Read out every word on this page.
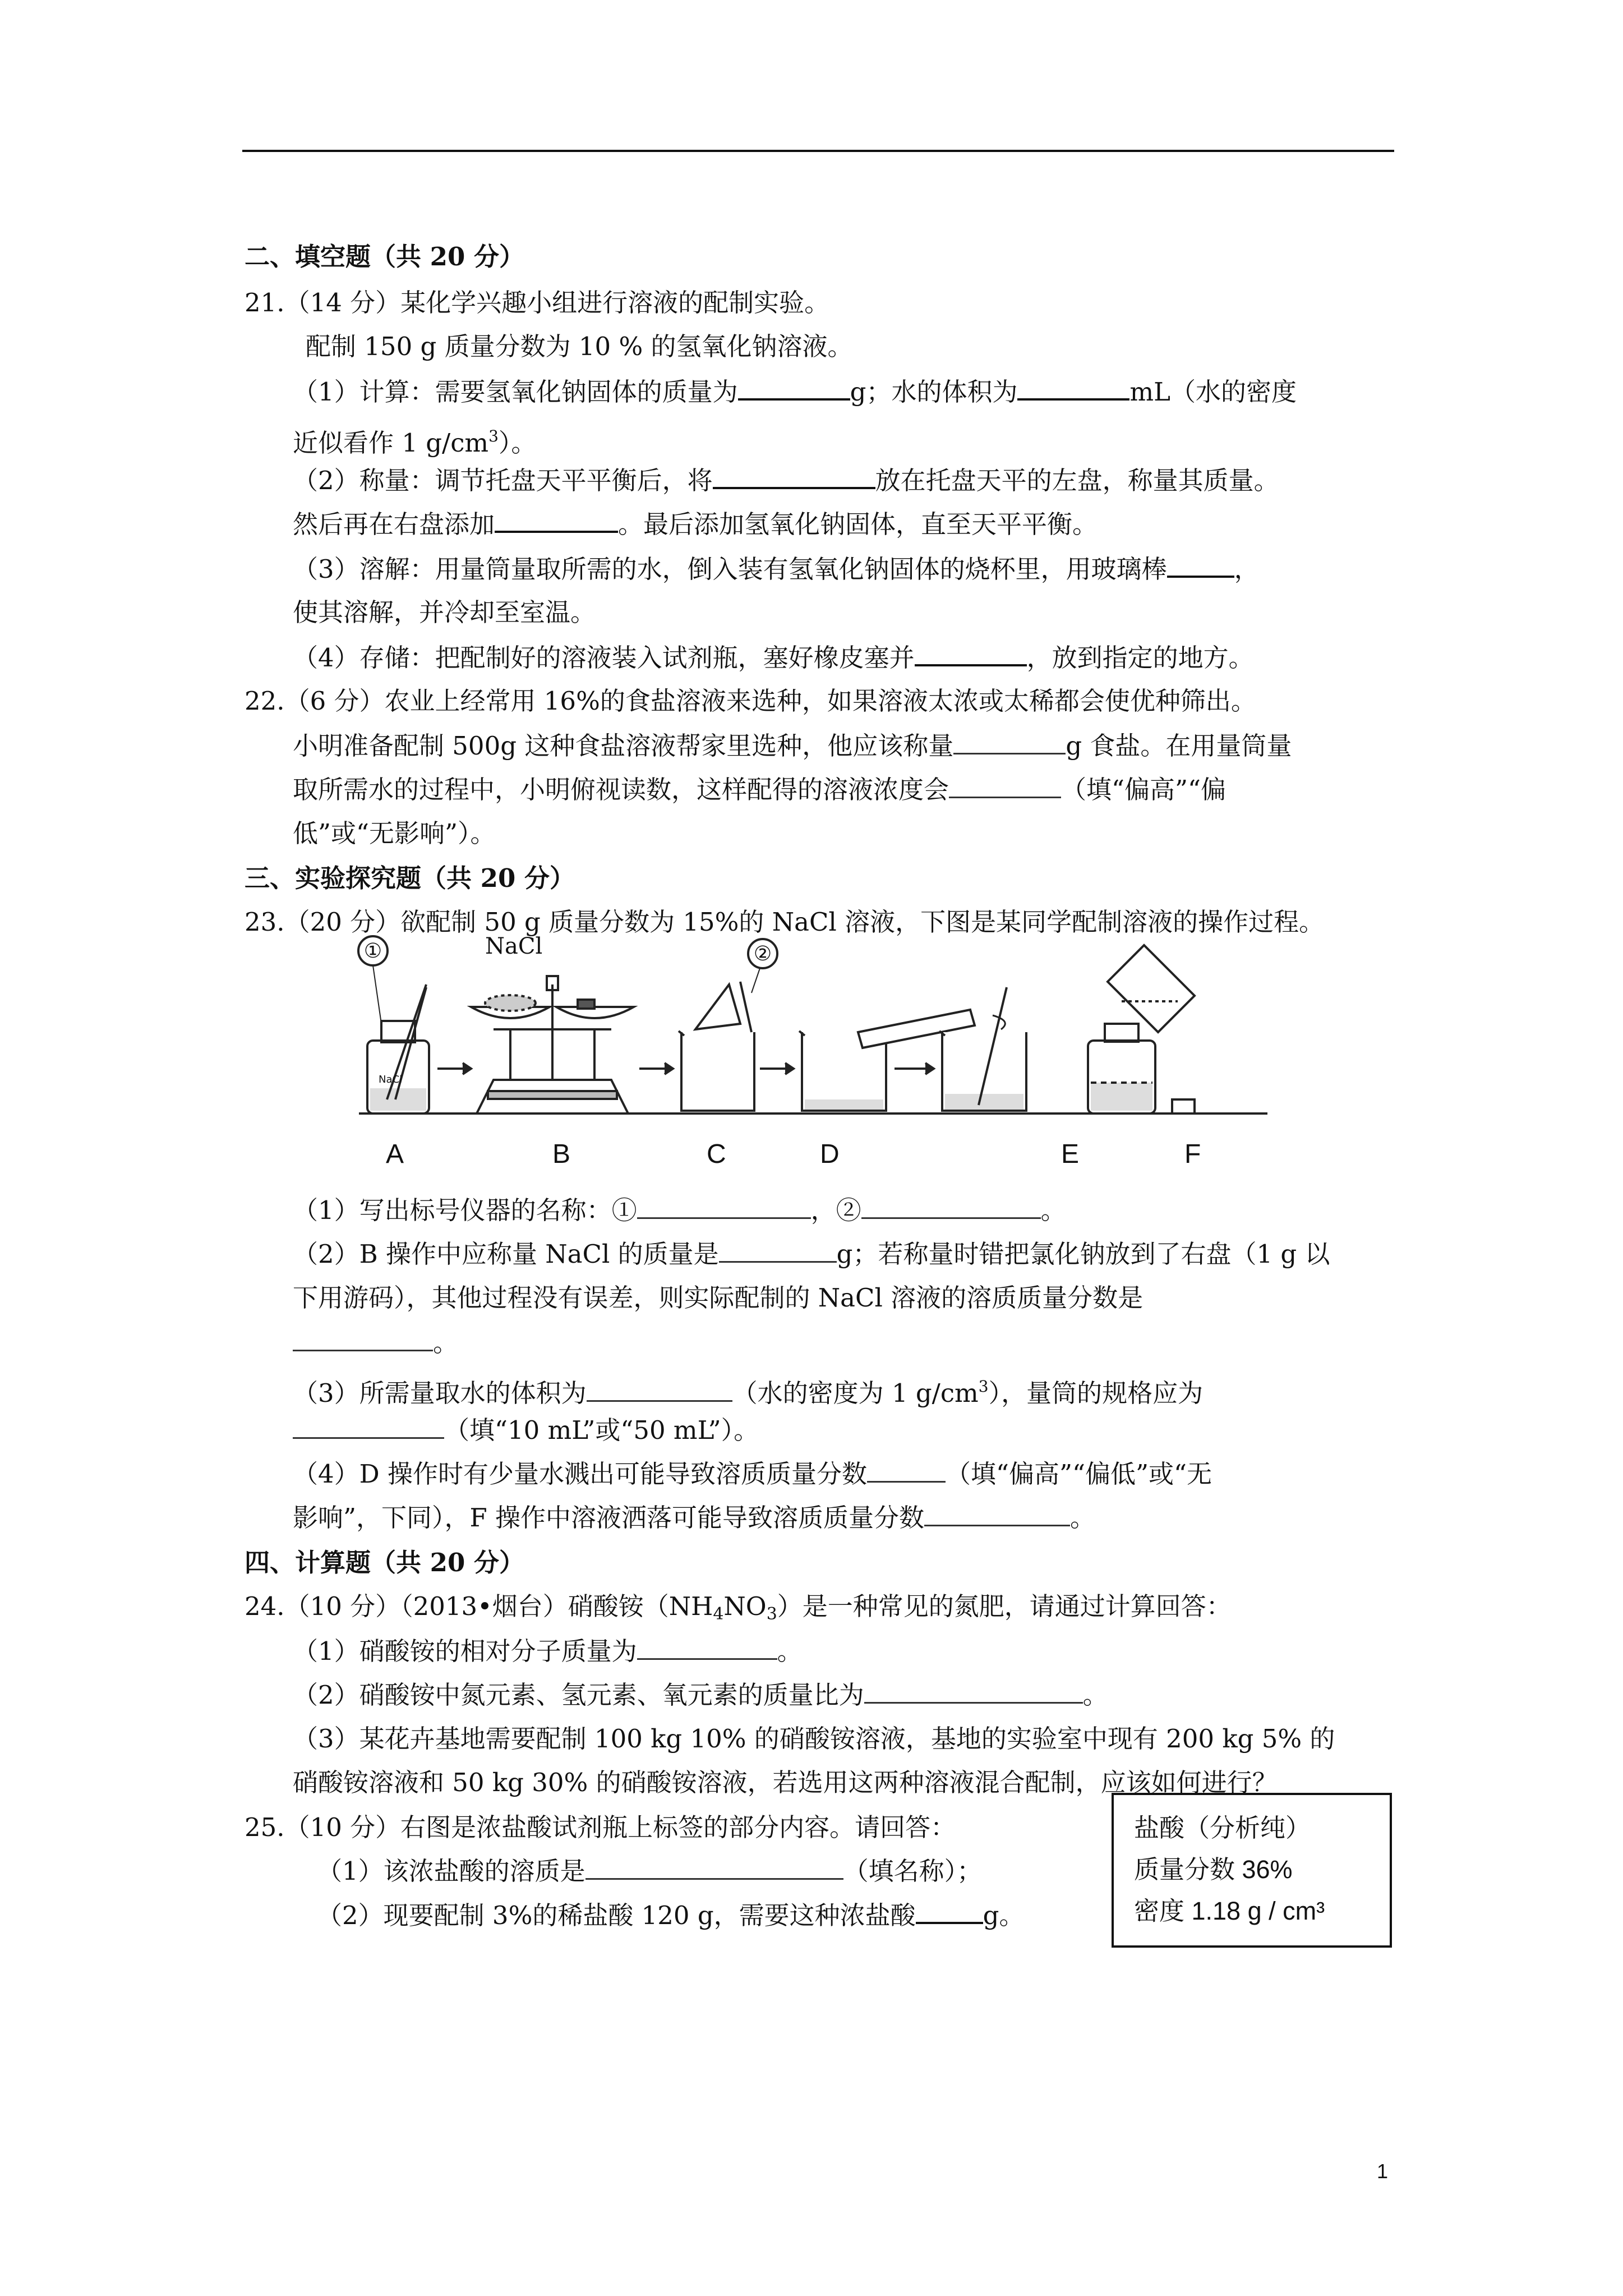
二、填空题（共 20 分）
21.（14 分）某化学兴趣小组进行溶液的配制实验。
配制 150 g 质量分数为 10 % 的氢氧化钠溶液。
（1）计算：需要氢氧化钠固体的质量为	g；水的体积为	mL（水的密度
近似看作 1 $g/cm^3$）。
（2）称量：调节托盘天平平衡后，将	放在托盘天平的左盘，称量其质量。
然后再在右盘添加	。最后添加氢氧化钠固体，直至天平平衡。
（3）溶解：用量筒量取所需的水，倒入装有氢氧化钠固体的烧杯里，用玻璃棒	，
使其溶解，并冷却至室温。
（4）存储：把配制好的溶液装入试剂瓶，塞好橡皮塞并	，放到指定的地方。
22.（6 分）农业上经常用 16%的食盐溶液来选种，如果溶液太浓或太稀都会使优种筛出。
小明准备配制 500g 这种食盐溶液帮家里选种，他应该称量	g 食盐。在用量筒量
取所需水的过程中，小明俯视读数，这样配得的溶液浓度会	（填“偏高”“偏
低”或“无影响”）。
三、实验探究题（共 20 分）
23.（20 分）欲配制 50 g 质量分数为 15%的 NaCl 溶液，下图是某同学配制溶液的操作过程。
①	②
NaCl
NaCl
A	B	C	D	E	F
（1）写出标号仪器的名称：①	，②	。
（2）B 操作中应称量 NaCl 的质量是	g；若称量时错把氯化钠放到了右盘（1 g 以
下用游码），其他过程没有误差，则实际配制的 NaCl 溶液的溶质质量分数是
。
（3）所需量取水的体积为	（水的密度为 1 $g/cm^3$），量筒的规格应为
（填“10 mL”或“50 mL”）。
（4）D 操作时有少量水溅出可能导致溶质质量分数	（填“偏高”“偏低”或“无
影响”，下同），F 操作中溶液洒落可能导致溶质质量分数	。
四、计算题（共 20 分）
24.（10 分）（2013•烟台）硝酸铵$(NH_4NO_3)$是一种常见的氮肥，请通过计算回答：
（1）硝酸铵的相对分子质量为	。
（2）硝酸铵中氮元素、氢元素、氧元素的质量比为	。
（3）某花卉基地需要配制 100 kg 10% 的硝酸铵溶液，基地的实验室中现有 200 kg 5% 的
硝酸铵溶液和 50 kg 30% 的硝酸铵溶液，若选用这两种溶液混合配制，应该如何进行？
25.（10 分）右图是浓盐酸试剂瓶上标签的部分内容。请回答：
（1）该浓盐酸的溶质是	（填名称）；
（2）现要配制 3%的稀盐酸 120 g，需要这种浓盐酸	g。
盐酸（分析纯）
质量分数 36%
密度 1.18 g / cm³
1
